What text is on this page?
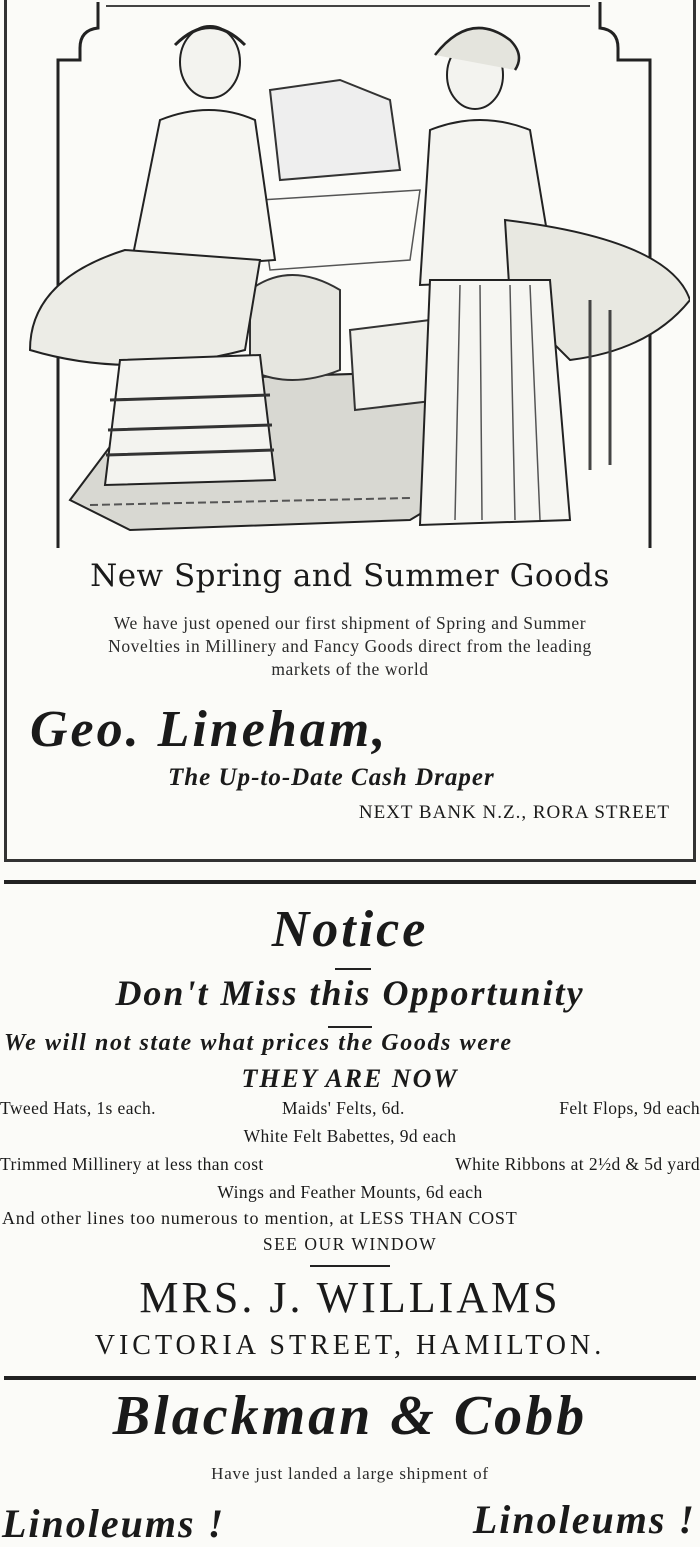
New Spring and Summer Goods
We have just opened our first shipment of Spring and Summer
Novelties in Millinery and Fancy Goods direct from the leading
markets of the world
Geo. Lineham,
The Up-to-Date Cash Draper
NEXT BANK N.Z., RORA STREET
Notice
Don't Miss this Opportunity
We will not state what prices the Goods were
THEY ARE NOW
Tweed Hats, 1s each.	Maids' Felts, 6d.	Felt Flops, 9d each
White Felt Babettes, 9d each
Trimmed Millinery at less than cost	White Ribbons at 2½d & 5d yard
Wings and Feather Mounts, 6d each
And other lines too numerous to mention, at LESS THAN COST
SEE OUR WINDOW
MRS. J. WILLIAMS
VICTORIA STREET, HAMILTON.
Blackman & Cobb
Have just landed a large shipment of
Linoleums !	Linoleums !
